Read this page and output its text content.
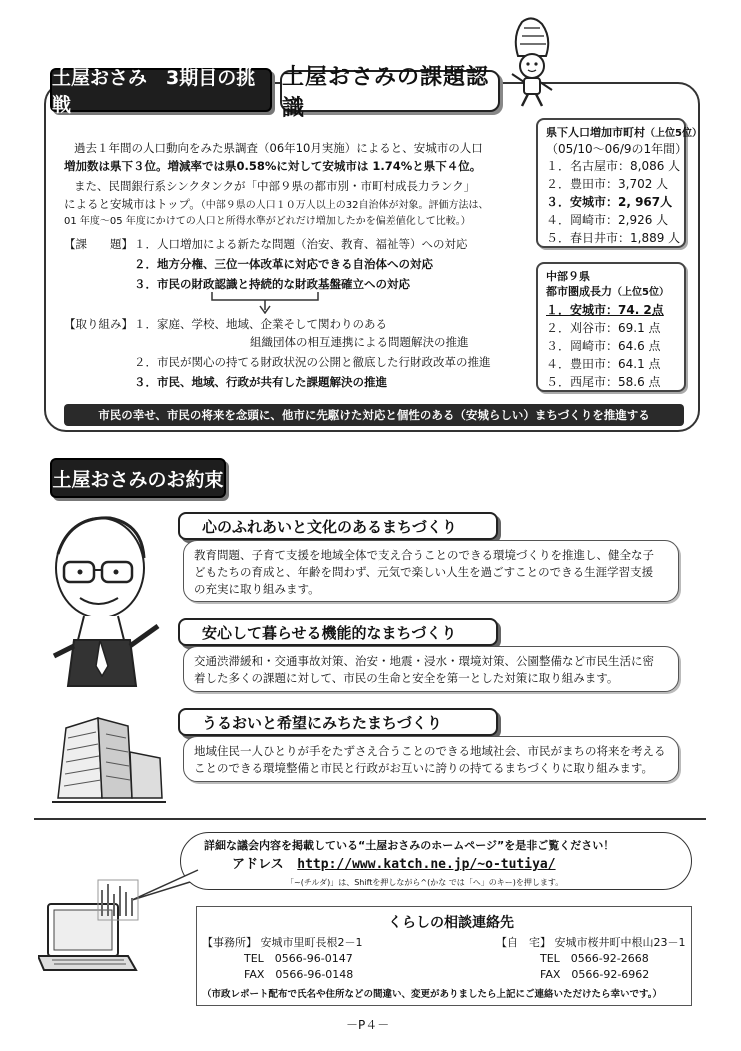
土屋おさみ　3期目の挑戦
土屋おさみの課題認識
過去１年間の人口動向をみた県調査（06年10月実施）によると、安城市の人口
増加数は県下３位。増減率では県0.58%に対して安城市は 1.74%と県下４位。
また、民間銀行系シンクタンクが「中部９県の都市別・市町村成長力ランク」
によると安城市はトップ。（中部９県の人口１０万人以上の32自治体が対象。評価方法は、
01 年度〜05 年度にかけての人口と所得水準がどれだけ増加したかを偏差値化して比較。）
【課　　題】 １．人口増加による新たな問題（治安、教育、福祉等）への対応
２．地方分権、三位一体改革に対応できる自治体への対応
３．市民の財政認識と持続的な財政基盤確立への対応
【取り組み】 １．家庭、学校、地域、企業そして関わりのある
組織団体の相互連携による問題解決の推進
２．市民が関心の持てる財政状況の公開と徹底した行財政改革の推進
３．市民、地域、行政が共有した課題解決の推進
県下人口増加市町村（上位5位）
（05/10〜06/9の1年間）
１．名古屋市：8,086 人
２．豊田市：3,702 人
３．安城市：2, 967人
４．岡崎市：2,926 人
５．春日井市：1,889 人
中部９県
都市圏成長力（上位5位）
１．安城市：74. 2点
２．刈谷市：69.1 点
３．岡崎市：64.6 点
４．豊田市：64.1 点
５．西尾市：58.6 点
市民の幸せ、市民の将来を念頭に、他市に先駆けた対応と個性のある（安城らしい）まちづくりを推進する
土屋おさみのお約束
心のふれあいと文化のあるまちづくり
教育問題、子育て支援を地域全体で支え合うことのできる環境づくりを推進し、健全な子
どもたちの育成と、年齢を問わず、元気で楽しい人生を過ごすことのできる生涯学習支援
の充実に取り組みます。
安心して暮らせる機能的なまちづくり
交通渋滞緩和・交通事故対策、治安・地震・浸水・環境対策、公園整備など市民生活に密
着した多くの課題に対して、市民の生命と安全を第一とした対策に取り組みます。
うるおいと希望にみちたまちづくり
地域住民一人ひとりが手をたずさえ合うことのできる地域社会、市民がまちの将来を考える
ことのできる環境整備と市民と行政がお互いに誇りの持てるまちづくりに取り組みます。
詳細な議会内容を掲載している“土屋おさみのホームページ”を是非ご覧ください！
アドレス http://www.katch.ne.jp/~o-tutiya/
「~(チルダ)」は、Shiftを押しながら^(かな では「へ」のキー)を押します。
くらしの相談連絡先
【事務所】 安城市里町長根2－1
TEL　0566-96-0147
FAX　0566-96-0148
【自　宅】 安城市桜井町中根山23－1
TEL　0566-92-2668
FAX　0566-92-6962
（市政レポート配布で氏名や住所などの間違い、変更がありましたら上記にご連絡いただけたら幸いです。）
－P４－
